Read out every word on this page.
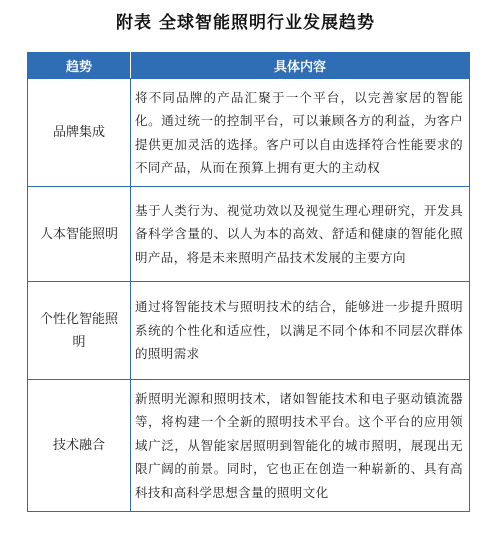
附表 全球智能照明行业发展趋势
趋势	具体内容
品牌集成	将不同品牌的产品汇聚于一个平台，以完善家居的智能化。通过统一的控制平台，可以兼顾各方的利益，为客户提供更加灵活的选择。客户可以自由选择符合性能要求的不同产品，从而在预算上拥有更大的主动权
人本智能照明	基于人类行为、视觉功效以及视觉生理心理研究，开发具备科学含量的、以人为本的高效、舒适和健康的智能化照明产品，将是未来照明产品技术发展的主要方向
个性化智能照明	通过将智能技术与照明技术的结合，能够进一步提升照明系统的个性化和适应性，以满足不同个体和不同层次群体的照明需求
技术融合	新照明光源和照明技术，诸如智能技术和电子驱动镇流器等，将构建一个全新的照明技术平台。这个平台的应用领域广泛，从智能家居照明到智能化的城市照明，展现出无限广阔的前景。同时，它也正在创造一种崭新的、具有高科技和高科学思想含量的照明文化
